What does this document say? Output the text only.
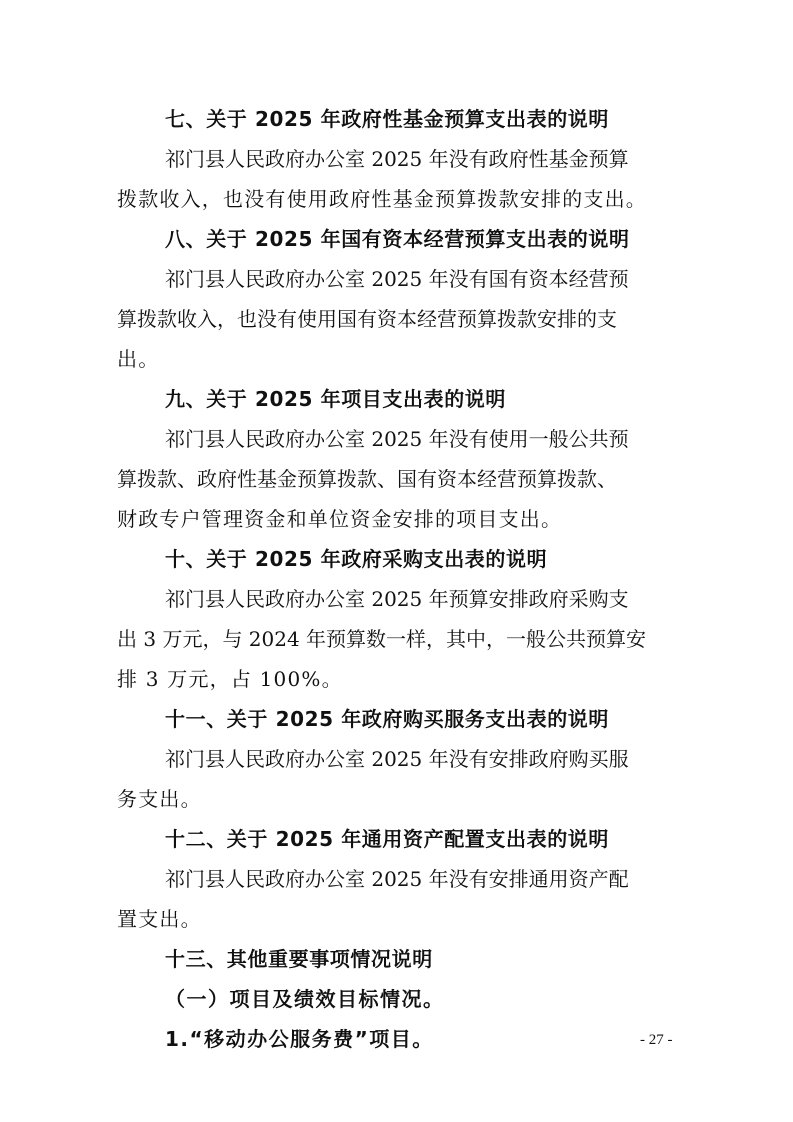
七、关于 2025 年政府性基金预算支出表的说明
祁门县人民政府办公室 2025 年没有政府性基金预算
拨款收入，也没有使用政府性基金预算拨款安排的支出。
八、关于 2025 年国有资本经营预算支出表的说明
祁门县人民政府办公室 2025 年没有国有资本经营预
算拨款收入，也没有使用国有资本经营预算拨款安排的支
出。
九、关于 2025 年项目支出表的说明
祁门县人民政府办公室 2025 年没有使用一般公共预
算拨款、政府性基金预算拨款、国有资本经营预算拨款、
财政专户管理资金和单位资金安排的项目支出。
十、关于 2025 年政府采购支出表的说明
祁门县人民政府办公室 2025 年预算安排政府采购支
出 3 万元，与 2024 年预算数一样，其中，一般公共预算安
排 3 万元，占 100%。
十一、关于 2025 年政府购买服务支出表的说明
祁门县人民政府办公室 2025 年没有安排政府购买服
务支出。
十二、关于 2025 年通用资产配置支出表的说明
祁门县人民政府办公室 2025 年没有安排通用资产配
置支出。
十三、其他重要事项情况说明
（一）项目及绩效目标情况。
1.“移动办公服务费”项目。	- 27 -
